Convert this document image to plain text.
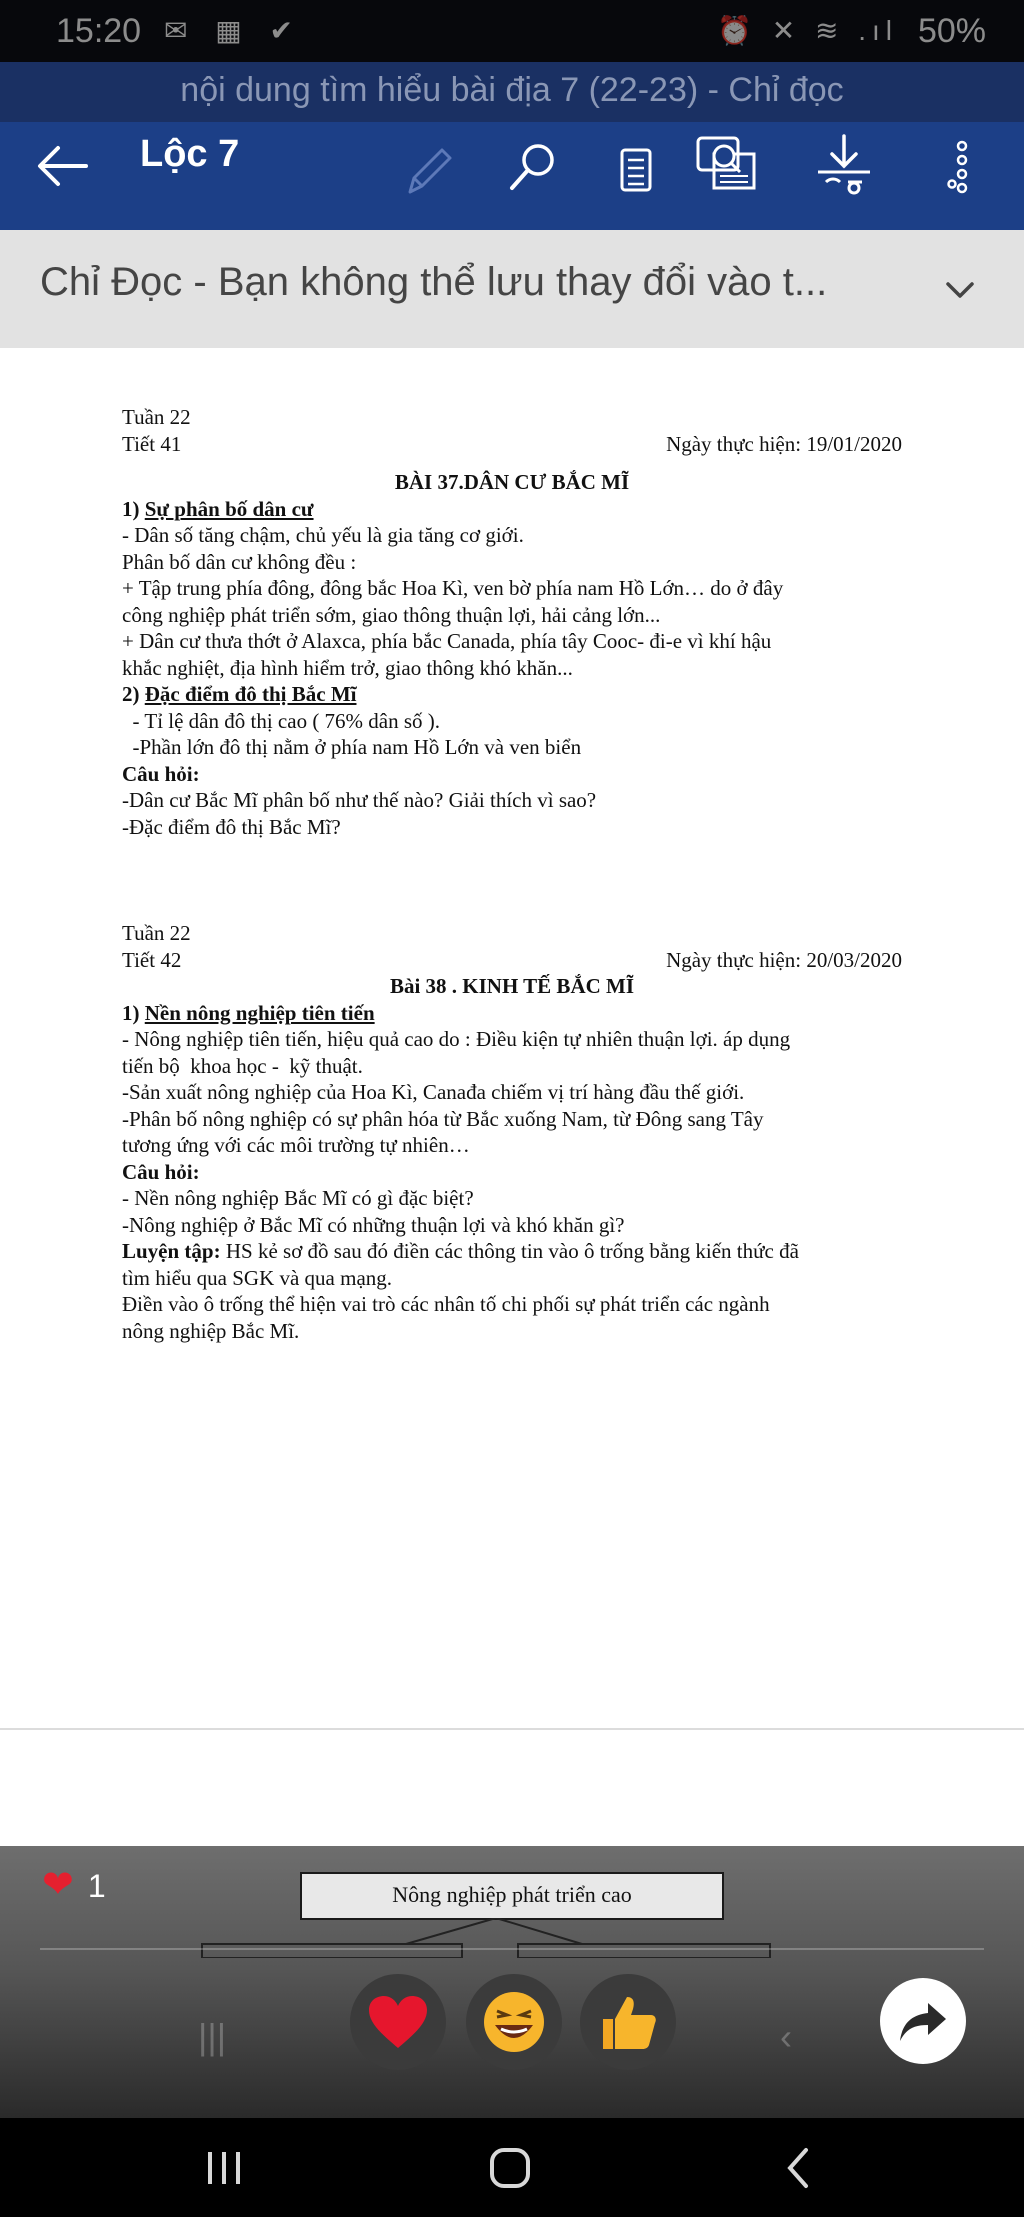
15:20 ✉ ▦ ✔	⏰ ✕ ≋ .ıl 50%
nội dung tìm hiểu bài địa 7 (22-23) - Chỉ đọc
Lộc 7
Chỉ Đọc - Bạn không thể lưu thay đổi vào t...
Tuần 22
Tiết 41	Ngày thực hiện: 19/01/2020
BÀI 37.DÂN CƯ BẮC MĨ
1) Sự phân bố dân cư
- Dân số tăng chậm, chủ yếu là gia tăng cơ giới.
Phân bố dân cư không đều :
+ Tập trung phía đông, đông bắc Hoa Kì, ven bờ phía nam Hồ Lớn… do ở đây
công nghiệp phát triển sớm, giao thông thuận lợi, hải cảng lớn...
+ Dân cư thưa thớt ở Alaxca, phía bắc Canada, phía tây Cooc- đi-e vì khí hậu
khắc nghiệt, địa hình hiểm trở, giao thông khó khăn...
2) Đặc điểm đô thị Bắc Mĩ
- Tỉ lệ dân đô thị cao ( 76% dân số ).
-Phần lớn đô thị nằm ở phía nam Hồ Lớn và ven biển
Câu hỏi:
-Dân cư Bắc Mĩ phân bố như thế nào? Giải thích vì sao?
-Đặc điểm đô thị Bắc Mĩ?
Tuần 22
Tiết 42	Ngày thực hiện: 20/03/2020
Bài 38 . KINH TẾ BẮC MĨ
1) Nền nông nghiệp tiên tiến
- Nông nghiệp tiên tiến, hiệu quả cao do : Điều kiện tự nhiên thuận lợi. áp dụng
tiến bộ  khoa học -  kỹ thuật.
-Sản xuất nông nghiệp của Hoa Kì, Canađa chiếm vị trí hàng đầu thế giới.
-Phân bố nông nghiệp có sự phân hóa từ Bắc xuống Nam, từ Đông sang Tây
tương ứng với các môi trường tự nhiên…
Câu hỏi:
- Nền nông nghiệp Bắc Mĩ có gì đặc biệt?
-Nông nghiệp ở Bắc Mĩ có những thuận lợi và khó khăn gì?
Luyện tập: HS kẻ sơ đồ sau đó điền các thông tin vào ô trống bằng kiến thức đã
tìm hiểu qua SGK và qua mạng.
Điền vào ô trống thể hiện vai trò các nhân tố chi phối sự phát triển các ngành
nông nghiệp Bắc Mĩ.
Nông nghiệp phát triển cao
❤ 1
|||	‹
